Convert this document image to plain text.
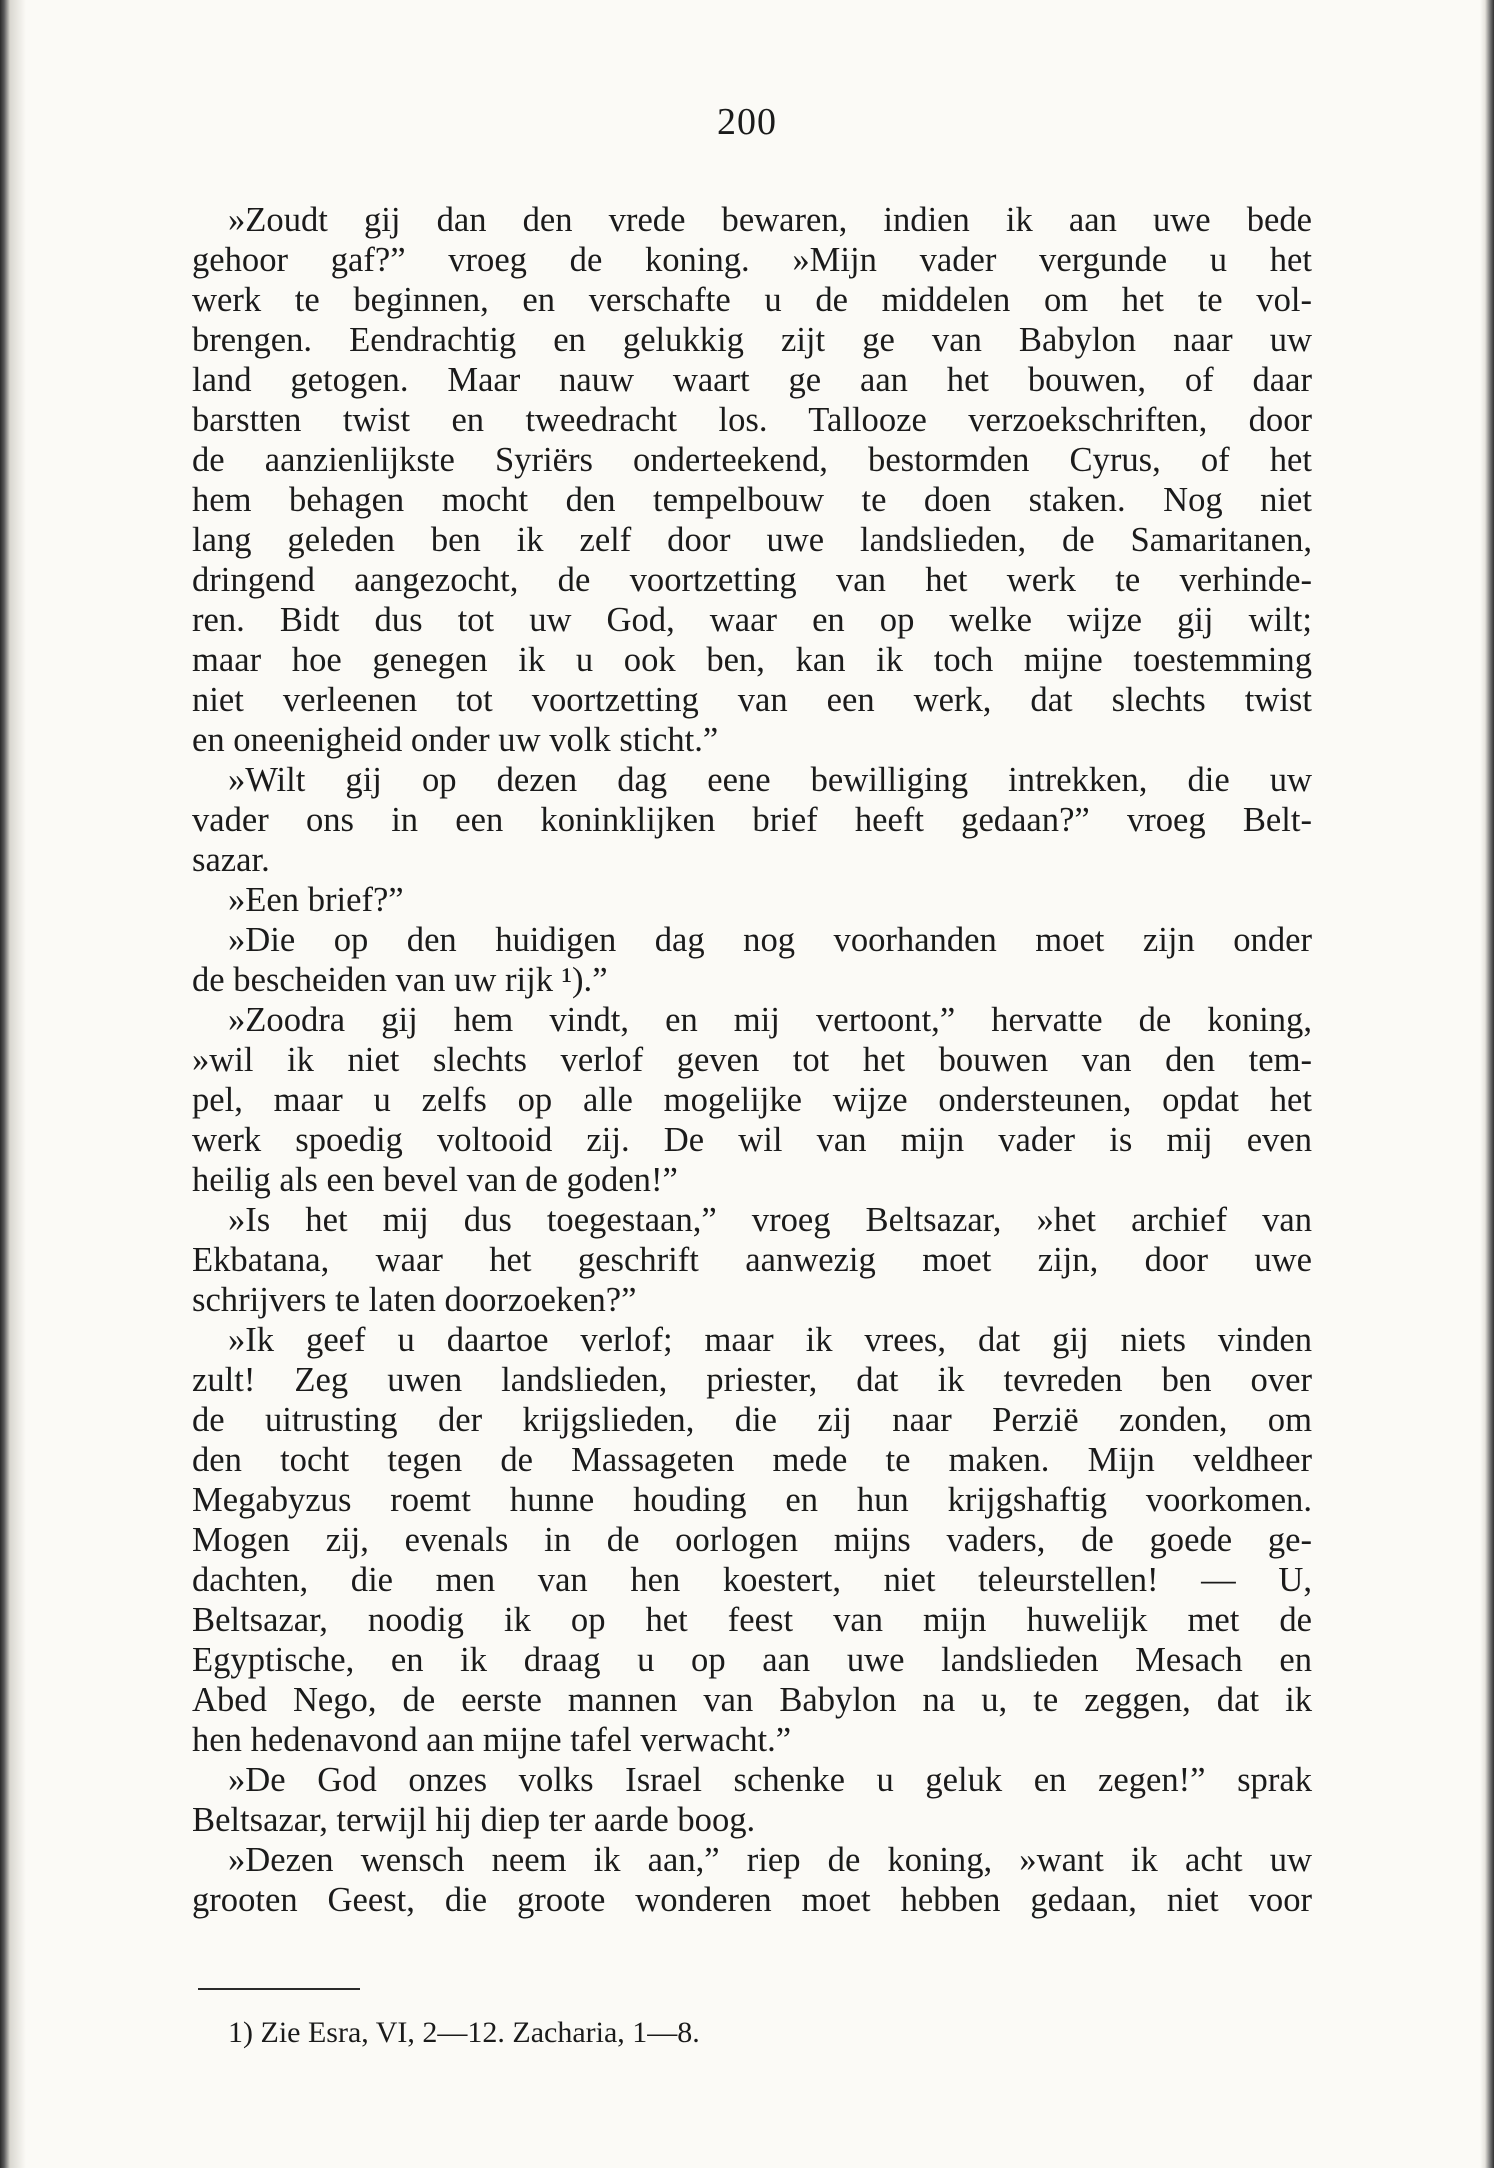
200
»Zoudt gij dan den vrede bewaren, indien ik aan uwe bede
gehoor gaf?” vroeg de koning. »Mijn vader vergunde u het
werk te beginnen, en verschafte u de middelen om het te vol-
brengen. Eendrachtig en gelukkig zijt ge van Babylon naar uw
land getogen. Maar nauw waart ge aan het bouwen, of daar
barstten twist en tweedracht los. Tallooze verzoekschriften, door
de aanzienlijkste Syriërs onderteekend, bestormden Cyrus, of het
hem behagen mocht den tempelbouw te doen staken. Nog niet
lang geleden ben ik zelf door uwe landslieden, de Samaritanen,
dringend aangezocht, de voortzetting van het werk te verhinde-
ren. Bidt dus tot uw God, waar en op welke wijze gij wilt;
maar hoe genegen ik u ook ben, kan ik toch mijne toestemming
niet verleenen tot voortzetting van een werk, dat slechts twist
en oneenigheid onder uw volk sticht.”
»Wilt gij op dezen dag eene bewilliging intrekken, die uw
vader ons in een koninklijken brief heeft gedaan?” vroeg Belt-
sazar.
»Een brief?”
»Die op den huidigen dag nog voorhanden moet zijn onder
de bescheiden van uw rijk ¹).”
»Zoodra gij hem vindt, en mij vertoont,” hervatte de koning,
»wil ik niet slechts verlof geven tot het bouwen van den tem-
pel, maar u zelfs op alle mogelijke wijze ondersteunen, opdat het
werk spoedig voltooid zij. De wil van mijn vader is mij even
heilig als een bevel van de goden!”
»Is het mij dus toegestaan,” vroeg Beltsazar, »het archief van
Ekbatana, waar het geschrift aanwezig moet zijn, door uwe
schrijvers te laten doorzoeken?”
»Ik geef u daartoe verlof; maar ik vrees, dat gij niets vinden
zult! Zeg uwen landslieden, priester, dat ik tevreden ben over
de uitrusting der krijgslieden, die zij naar Perzië zonden, om
den tocht tegen de Massageten mede te maken. Mijn veldheer
Megabyzus roemt hunne houding en hun krijgshaftig voorkomen.
Mogen zij, evenals in de oorlogen mijns vaders, de goede ge-
dachten, die men van hen koestert, niet teleurstellen! — U,
Beltsazar, noodig ik op het feest van mijn huwelijk met de
Egyptische, en ik draag u op aan uwe landslieden Mesach en
Abed Nego, de eerste mannen van Babylon na u, te zeggen, dat ik
hen hedenavond aan mijne tafel verwacht.”
»De God onzes volks Israel schenke u geluk en zegen!” sprak
Beltsazar, terwijl hij diep ter aarde boog.
»Dezen wensch neem ik aan,” riep de koning, »want ik acht uw
grooten Geest, die groote wonderen moet hebben gedaan, niet voor
1) Zie Esra, VI, 2—12. Zacharia, 1—8.
